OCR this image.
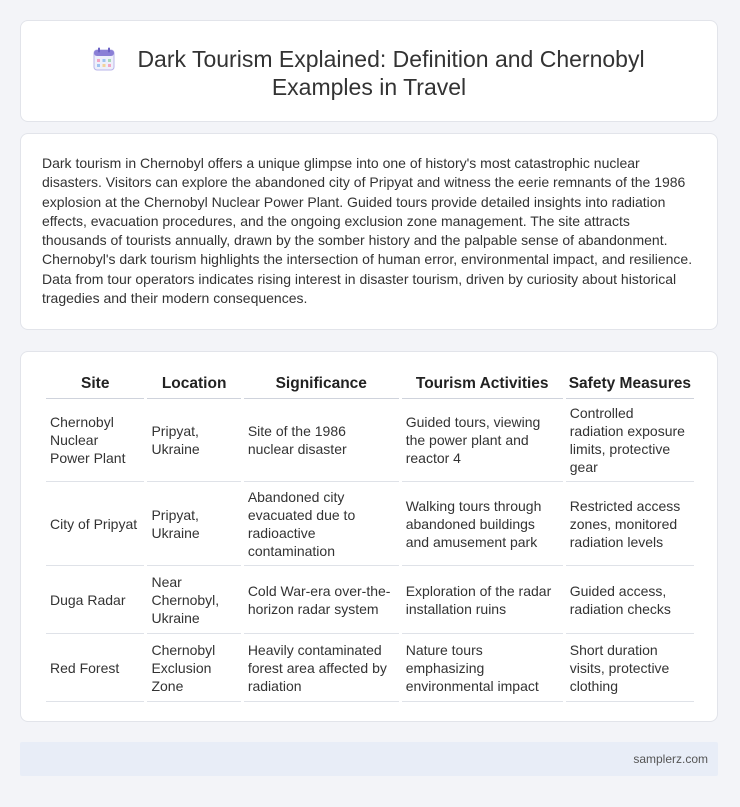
Dark Tourism Explained: Definition and Chernobyl
Examples in Travel

Dark tourism in Chernobyl offers a unique glimpse into one of history's most catastrophic nuclear disasters. Visitors can explore the abandoned city of Pripyat and witness the eerie remnants of the 1986 explosion at the Chernobyl Nuclear Power Plant. Guided tours provide detailed insights into radiation effects, evacuation procedures, and the ongoing exclusion zone management. The site attracts thousands of tourists annually, drawn by the somber history and the palpable sense of abandonment. Chernobyl's dark tourism highlights the intersection of human error, environmental impact, and resilience. Data from tour operators indicates rising interest in disaster tourism, driven by curiosity about historical tragedies and their modern consequences.

Site	Location	Significance	Tourism Activities	Safety Measures
Chernobyl Nuclear Power Plant	Pripyat, Ukraine	Site of the 1986 nuclear disaster	Guided tours, viewing the power plant and reactor 4	Controlled radiation exposure limits, protective gear
City of Pripyat	Pripyat, Ukraine	Abandoned city evacuated due to radioactive contamination	Walking tours through abandoned buildings and amusement park	Restricted access zones, monitored radiation levels
Duga Radar	Near Chernobyl, Ukraine	Cold War-era over-the-horizon radar system	Exploration of the radar installation ruins	Guided access, radiation checks
Red Forest	Chernobyl Exclusion Zone	Heavily contaminated forest area affected by radiation	Nature tours emphasizing environmental impact	Short duration visits, protective clothing
samplerz.com
